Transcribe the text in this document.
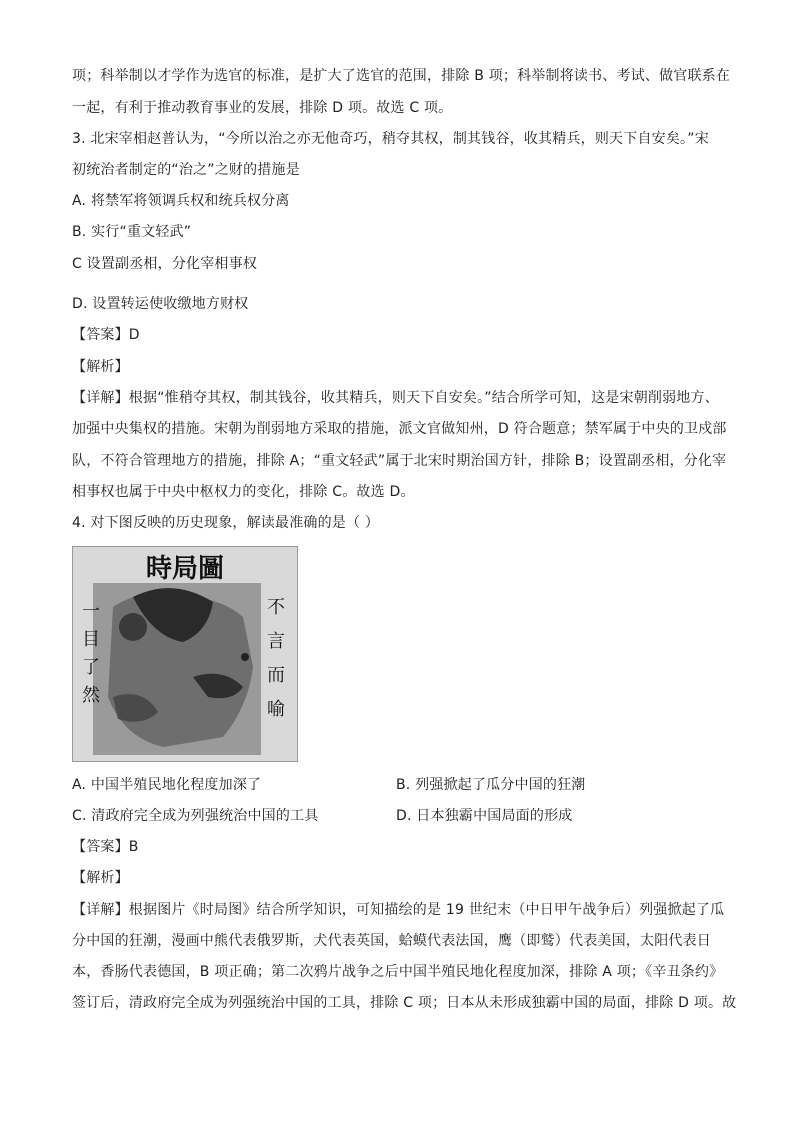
项；科举制以才学作为选官的标准，是扩大了选官的范围，排除 B 项；科举制将读书、考试、做官联系在
一起，有利于推动教育事业的发展，排除 D 项。故选 C 项。
3. 北宋宰相赵普认为，“今所以治之亦无他奇巧，稍夺其权，制其钱谷，收其精兵，则天下自安矣。”宋
初统治者制定的“治之”之财的措施是
A. 将禁军将领调兵权和统兵权分离
B. 实行“重文轻武”
C 设置副丞相，分化宰相事权
D. 设置转运使收缴地方财权
【答案】D
【解析】
【详解】根据“惟稍夺其权，制其钱谷，收其精兵，则天下自安矣。”结合所学可知，这是宋朝削弱地方、
加强中央集权的措施。宋朝为削弱地方采取的措施，派文官做知州，D 符合题意；禁军属于中央的卫戍部
队，不符合管理地方的措施，排除 A；“重文轻武”属于北宋时期治国方针，排除 B；设置副丞相，分化宰
相事权也属于中央中枢权力的变化，排除 C。故选 D。
4. 对下图反映的历史现象，解读最准确的是（ ）
時局圖
一
目
了
然
不
言
而
喻
A. 中国半殖民地化程度加深了	B. 列强掀起了瓜分中国的狂潮
C. 清政府完全成为列强统治中国的工具	D. 日本独霸中国局面的形成
【答案】B
【解析】
【详解】根据图片《时局图》结合所学知识，可知描绘的是 19 世纪末（中日甲午战争后）列强掀起了瓜
分中国的狂潮，漫画中熊代表俄罗斯，犬代表英国，蛤蟆代表法国，鹰（即鹫）代表美国，太阳代表日
本，香肠代表德国，B 项正确；第二次鸦片战争之后中国半殖民地化程度加深，排除 A 项；《辛丑条约》
签订后，清政府完全成为列强统治中国的工具，排除 C 项；日本从未形成独霸中国的局面，排除 D 项。故
